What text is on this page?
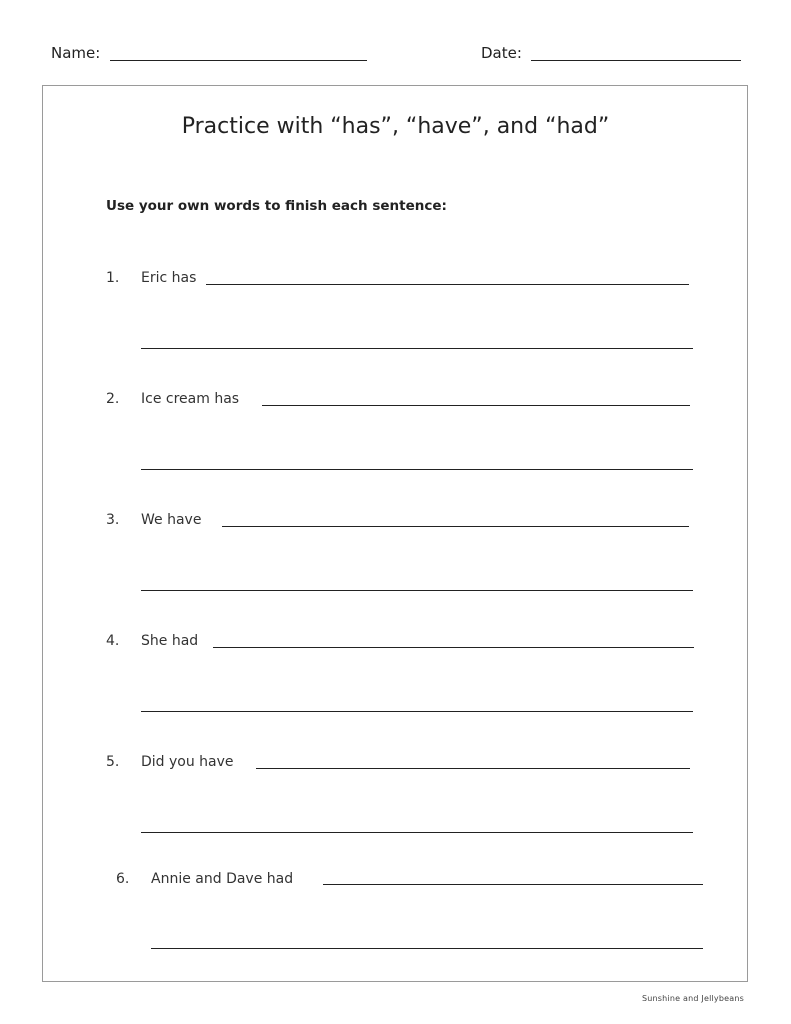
Name:	Date:
Practice with “has”, “have”, and “had”
Use your own words to finish each sentence:
1. Eric has
2. Ice cream has
3. We have
4. She had
5. Did you have
6. Annie and Dave had
Sunshine and Jellybeans
